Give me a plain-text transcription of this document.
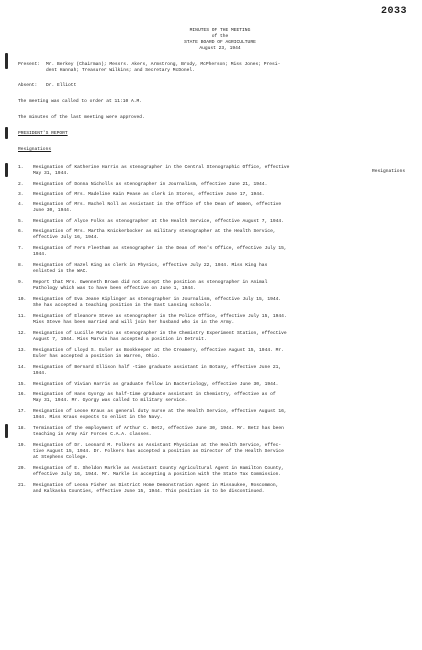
2033
MINUTES OF THE MEETING
of the
STATE BOARD OF AGRICULTURE
August 23, 1944
Present: Mr. Berkey (Chairman); Messrs. Akers, Armstrong, Brody, McPherson; Miss Jones; Presi-
dent Hannah; Treasurer Wilkins; and Secretary McDonel.
Absent: Dr. Elliott
The meeting was called to order at 11:10 A.M.
The minutes of the last meeting were approved.
PRESIDENT'S REPORT
Resignations
Resignations
1. Resignation of Katherine Harris as stenographer in the Central Stenographic Office, effective
May 31, 1944.
2. Resignation of Donna Nicholls as stenographer in Journalism, effective June 21, 1944.
3. Resignation of Mrs. Madeline Kain Pease as clerk in Stores, effective June 17, 1944.
4. Resignation of Mrs. Rachel Noll as Assistant in the Office of the Dean of Women, effective
June 30, 1944.
5. Resignation of Alyce Folks as stenographer at the Health Service, effective August 7, 1944.
6. Resignation of Mrs. Martha Knickerbocker as military stenographer at the Health Service,
effective July 16, 1944.
7. Resignation of Fern Fleetham as stenographer in the Dean of Men's Office, effective July 15,
1944.
8. Resignation of Hazel King as clerk in Physics, effective July 22, 1944. Miss King has
enlisted in the WAC.
9. Report that Mrs. Gwenneth Brown did not accept the position as stenographer in Animal
Pathology which was to have been effective on June 1, 1944.
10. Resignation of Eva Jeane Kiplinger as stenographer in Journalism, effective July 15, 1944.
She has accepted a teaching position in the East Lansing schools.
11. Resignation of Eleanore Steve as stenographer in the Police Office, effective July 15, 1944.
Miss Steve has been married and will join her husband who is in the Army.
12. Resignation of Lucille Marvin as stenographer in the Chemistry Experiment Station, effective
August 7, 1944. Miss Marvin has accepted a position in Detroit.
13. Resignation of Lloyd S. Euler as Bookkeeper at the Creamery, effective August 15, 1944. Mr.
Euler has accepted a position in Warren, Ohio.
14. Resignation of Bernard Ellison half -time graduate assistant in Botany, effective June 21,
1944.
15. Resignation of Vivian Harris as graduate fellow in Bacteriology, effective June 30, 1944.
16. Resignation of Hans Gyorgy as half-time graduate assistant in Chemistry, effective as of
May 31, 1944. Mr. Gyorgy was called to military service.
17. Resignation of Leone Kraus as general duty nurse at the Health Service, effective August 16,
1944. Miss Kraus expects to enlist in the Navy.
18. Termination of the employment of Arthur C. Betz, effective June 30, 1944. Mr. Betz has been
teaching in Army Air Forces C.A.A. classes.
19. Resignation of Dr. Leonard M. Folkers as Assistant Physician at the Health Service, effec-
tive August 15, 1944. Dr. Folkers has accepted a position as Director of the Health Service
at Stephens College.
20. Resignation of E. Sheldon Markle as Assistant County Agricultural Agent in Hamilton County,
effective July 16, 1944. Mr. Markle is accepting a position with the State Tax Commission.
21. Resignation of Leona Fisher as District Home Demonstration Agent in Missaukee, Roscommon,
and Kalkaska Counties, effective June 15, 1944. This position is to be discontinued.
